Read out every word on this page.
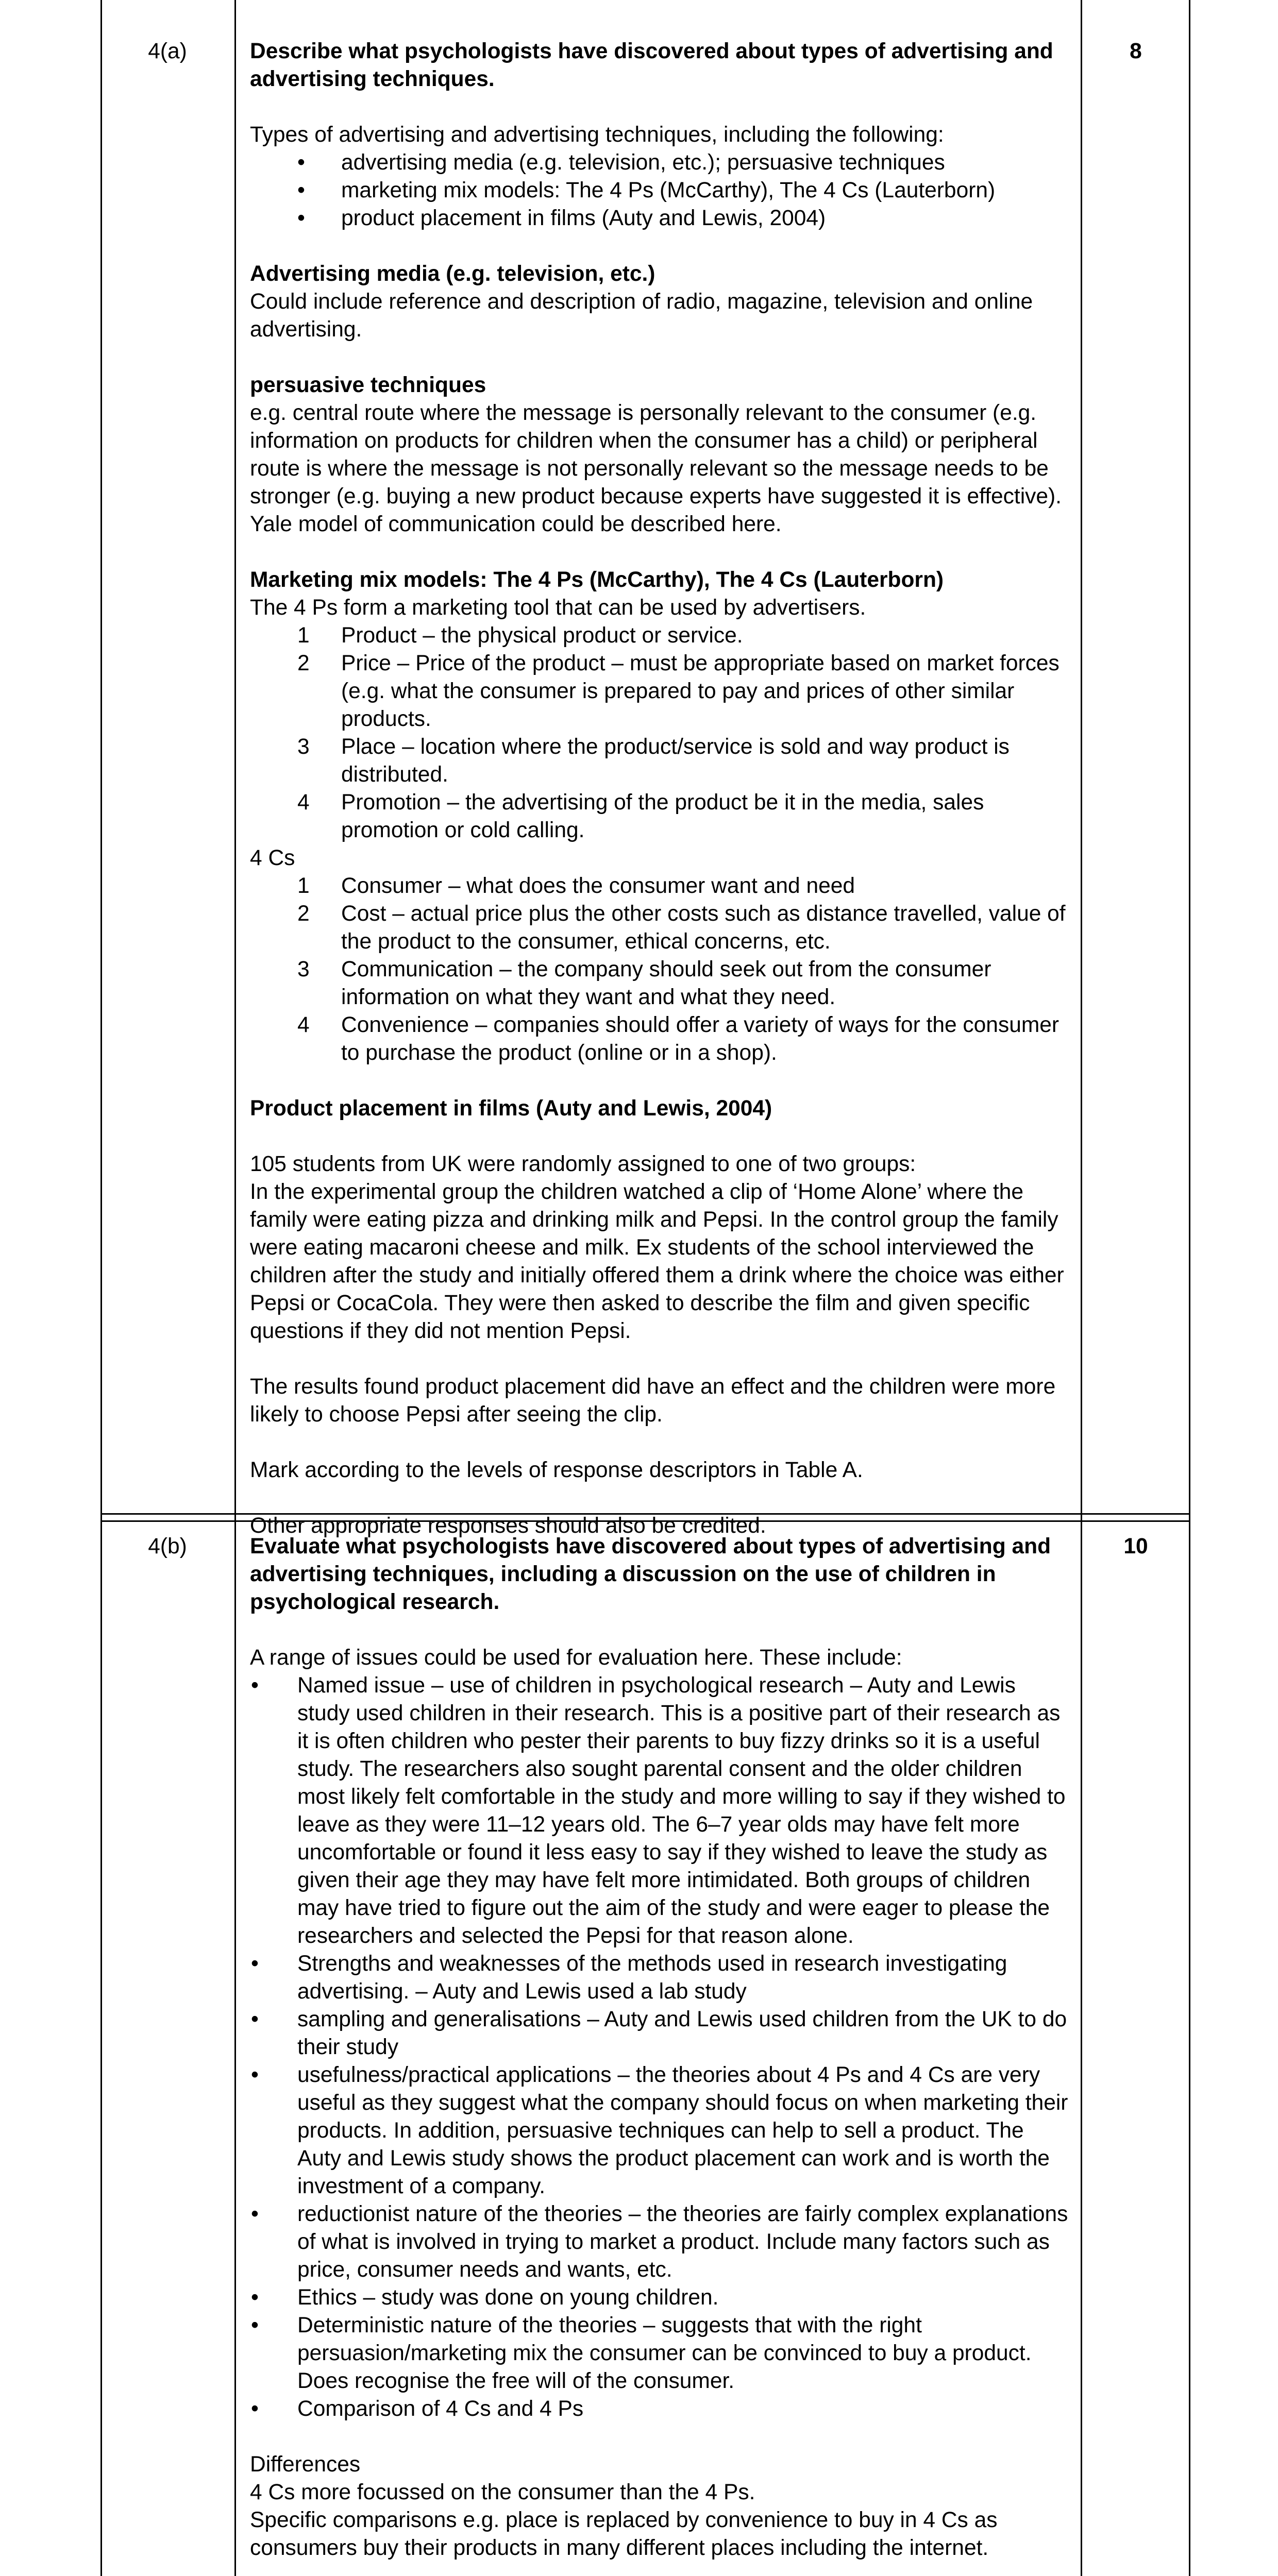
4(a)	8

Describe what psychologists have discovered about types of advertising and advertising techniques.

Types of advertising and advertising techniques, including the following:

• advertising media (e.g. television, etc.); persuasive techniques

• marketing mix models: The 4 Ps (McCarthy), The 4 Cs (Lauterborn)

• product placement in films (Auty and Lewis, 2004)

Advertising media (e.g. television, etc.)

Could include reference and description of radio, magazine, television and online advertising.

persuasive techniques

e.g. central route where the message is personally relevant to the consumer (e.g. information on products for children when the consumer has a child) or peripheral route is where the message is not personally relevant so the message needs to be stronger (e.g. buying a new product because experts have suggested it is effective). Yale model of communication could be described here.

Marketing mix models: The 4 Ps (McCarthy), The 4 Cs (Lauterborn)

The 4 Ps form a marketing tool that can be used by advertisers.

1 Product – the physical product or service.
2 Price – Price of the product – must be appropriate based on market forces (e.g. what the consumer is prepared to pay and prices of other similar products.
3 Place – location where the product/service is sold and way product is distributed.
4 Promotion – the advertising of the product be it in the media, sales promotion or cold calling.

4 Cs

1 Consumer – what does the consumer want and need
2 Cost – actual price plus the other costs such as distance travelled, value of the product to the consumer, ethical concerns, etc.
3 Communication – the company should seek out from the consumer information on what they want and what they need.
4 Convenience – companies should offer a variety of ways for the consumer to purchase the product (online or in a shop).

Product placement in films (Auty and Lewis, 2004)

105 students from UK were randomly assigned to one of two groups:

In the experimental group the children watched a clip of ‘Home Alone’ where the family were eating pizza and drinking milk and Pepsi. In the control group the family were eating macaroni cheese and milk. Ex students of the school interviewed the children after the study and initially offered them a drink where the choice was either Pepsi or CocaCola. They were then asked to describe the film and given specific questions if they did not mention Pepsi.

The results found product placement did have an effect and the children were more likely to choose Pepsi after seeing the clip.

Mark according to the levels of response descriptors in Table A.

Other appropriate responses should also be credited.

4(b)	10

Evaluate what psychologists have discovered about types of advertising and advertising techniques, including a discussion on the use of children in psychological research.

A range of issues could be used for evaluation here. These include:

• Named issue – use of children in psychological research – Auty and Lewis study used children in their research. This is a positive part of their research as it is often children who pester their parents to buy fizzy drinks so it is a useful study. The researchers also sought parental consent and the older children most likely felt comfortable in the study and more willing to say if they wished to leave as they were 11–12 years old. The 6–7 year olds may have felt more uncomfortable or found it less easy to say if they wished to leave the study as given their age they may have felt more intimidated. Both groups of children may have tried to figure out the aim of the study and were eager to please the researchers and selected the Pepsi for that reason alone.

• Strengths and weaknesses of the methods used in research investigating advertising. – Auty and Lewis used a lab study

• sampling and generalisations – Auty and Lewis used children from the UK to do their study

• usefulness/practical applications – the theories about 4 Ps and 4 Cs are very useful as they suggest what the company should focus on when marketing their products. In addition, persuasive techniques can help to sell a product. The Auty and Lewis study shows the product placement can work and is worth the investment of a company.

• reductionist nature of the theories – the theories are fairly complex explanations of what is involved in trying to market a product. Include many factors such as price, consumer needs and wants, etc.

• Ethics – study was done on young children.

• Deterministic nature of the theories – suggests that with the right persuasion/marketing mix the consumer can be convinced to buy a product. Does recognise the free will of the consumer.

• Comparison of 4 Cs and 4 Ps

Differences

4 Cs more focussed on the consumer than the 4 Ps.

Specific comparisons e.g. place is replaced by convenience to buy in 4 Cs as consumers buy their products in many different places including the internet.
